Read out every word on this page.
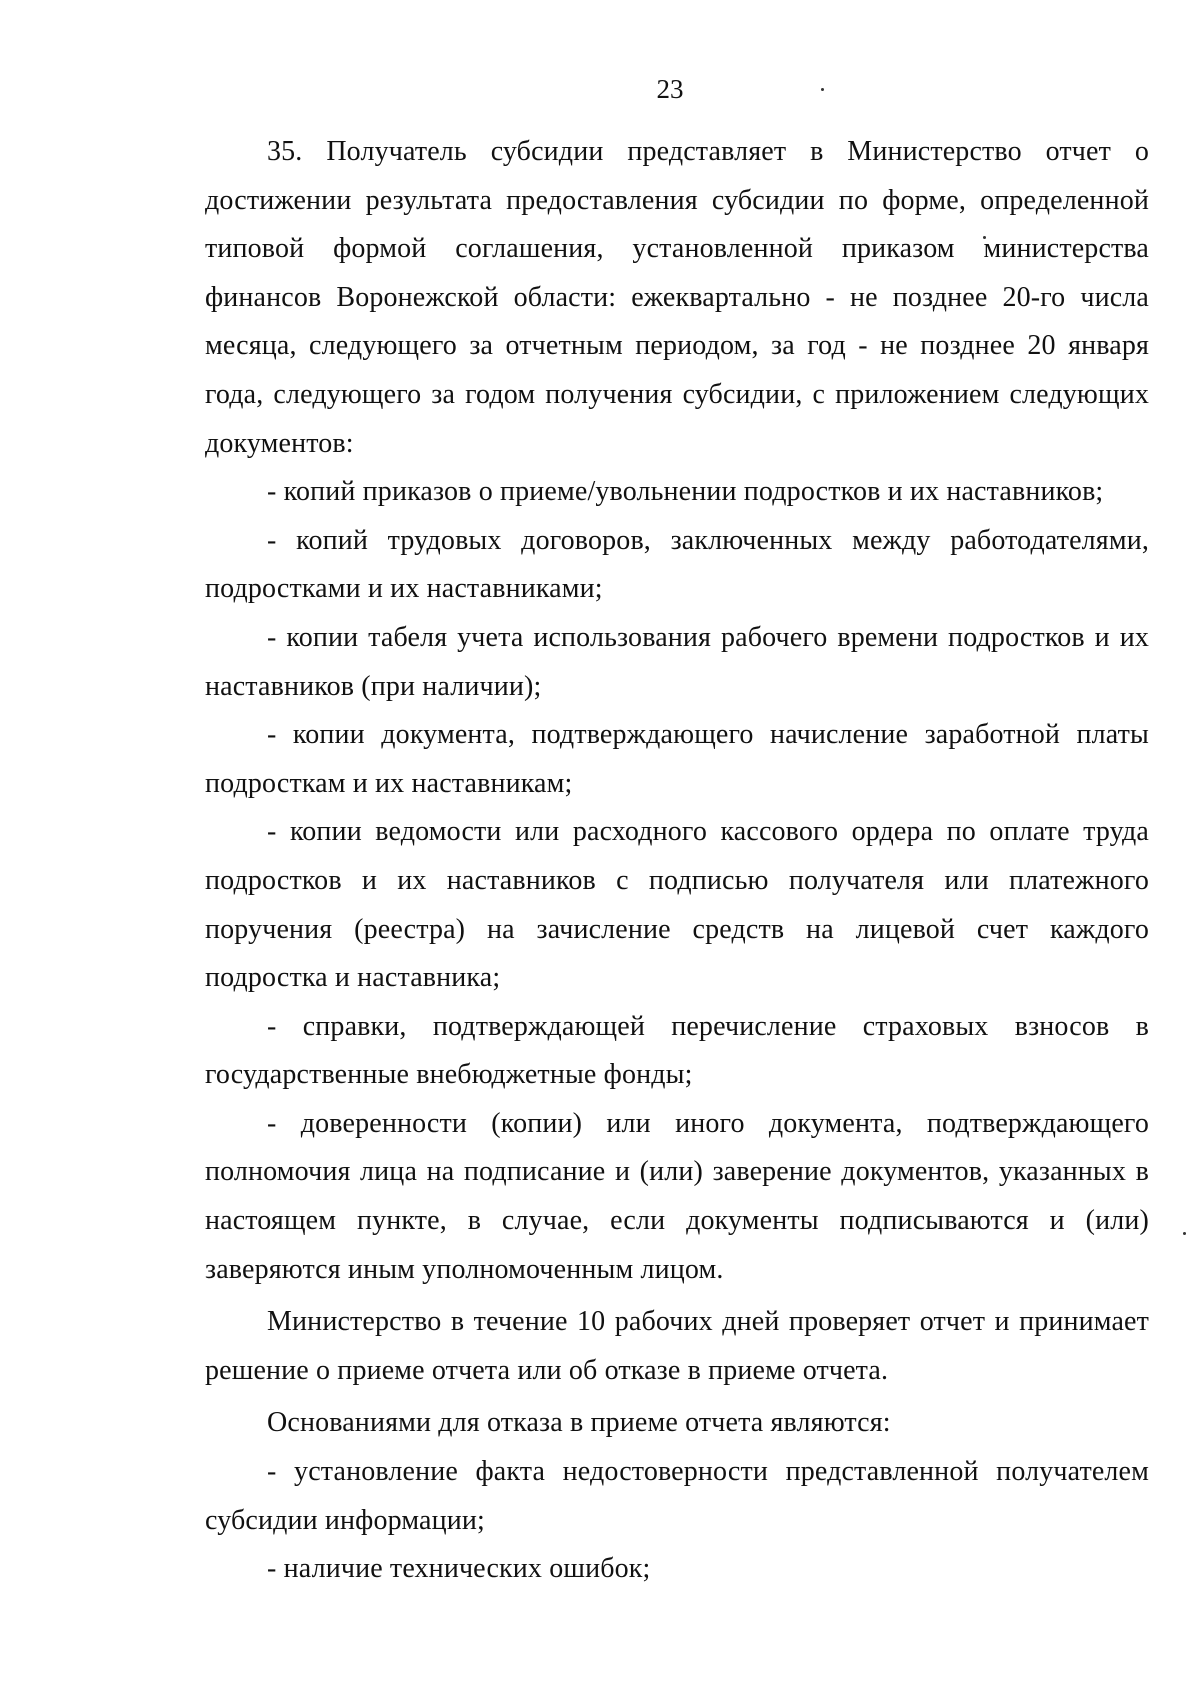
23

35. Получатель субсидии представляет в Министерство отчет о достижении результата предоставления субсидии по форме, определенной типовой формой соглашения, установленной приказом министерства финансов Воронежской области: ежеквартально - не позднее 20-го числа месяца, следующего за отчетным периодом, за год - не позднее 20 января года, следующего за годом получения субсидии, с приложением следующих документов:

- копий приказов о приеме/увольнении подростков и их наставников;

- копий трудовых договоров, заключенных между работодателями, подростками и их наставниками;

- копии табеля учета использования рабочего времени подростков и их наставников (при наличии);

- копии документа, подтверждающего начисление заработной платы подросткам и их наставникам;

- копии ведомости или расходного кассового ордера по оплате труда подростков и их наставников с подписью получателя или платежного поручения (реестра) на зачисление средств на лицевой счет каждого подростка и наставника;

- справки, подтверждающей перечисление страховых взносов в государственные внебюджетные фонды;

- доверенности (копии) или иного документа, подтверждающего полномочия лица на подписание и (или) заверение документов, указанных в настоящем пункте, в случае, если документы подписываются и (или) заверяются иным уполномоченным лицом.

Министерство в течение 10 рабочих дней проверяет отчет и принимает решение о приеме отчета или об отказе в приеме отчета.

Основаниями для отказа в приеме отчета являются:

- установление факта недостоверности представленной получателем субсидии информации;

- наличие технических ошибок;
